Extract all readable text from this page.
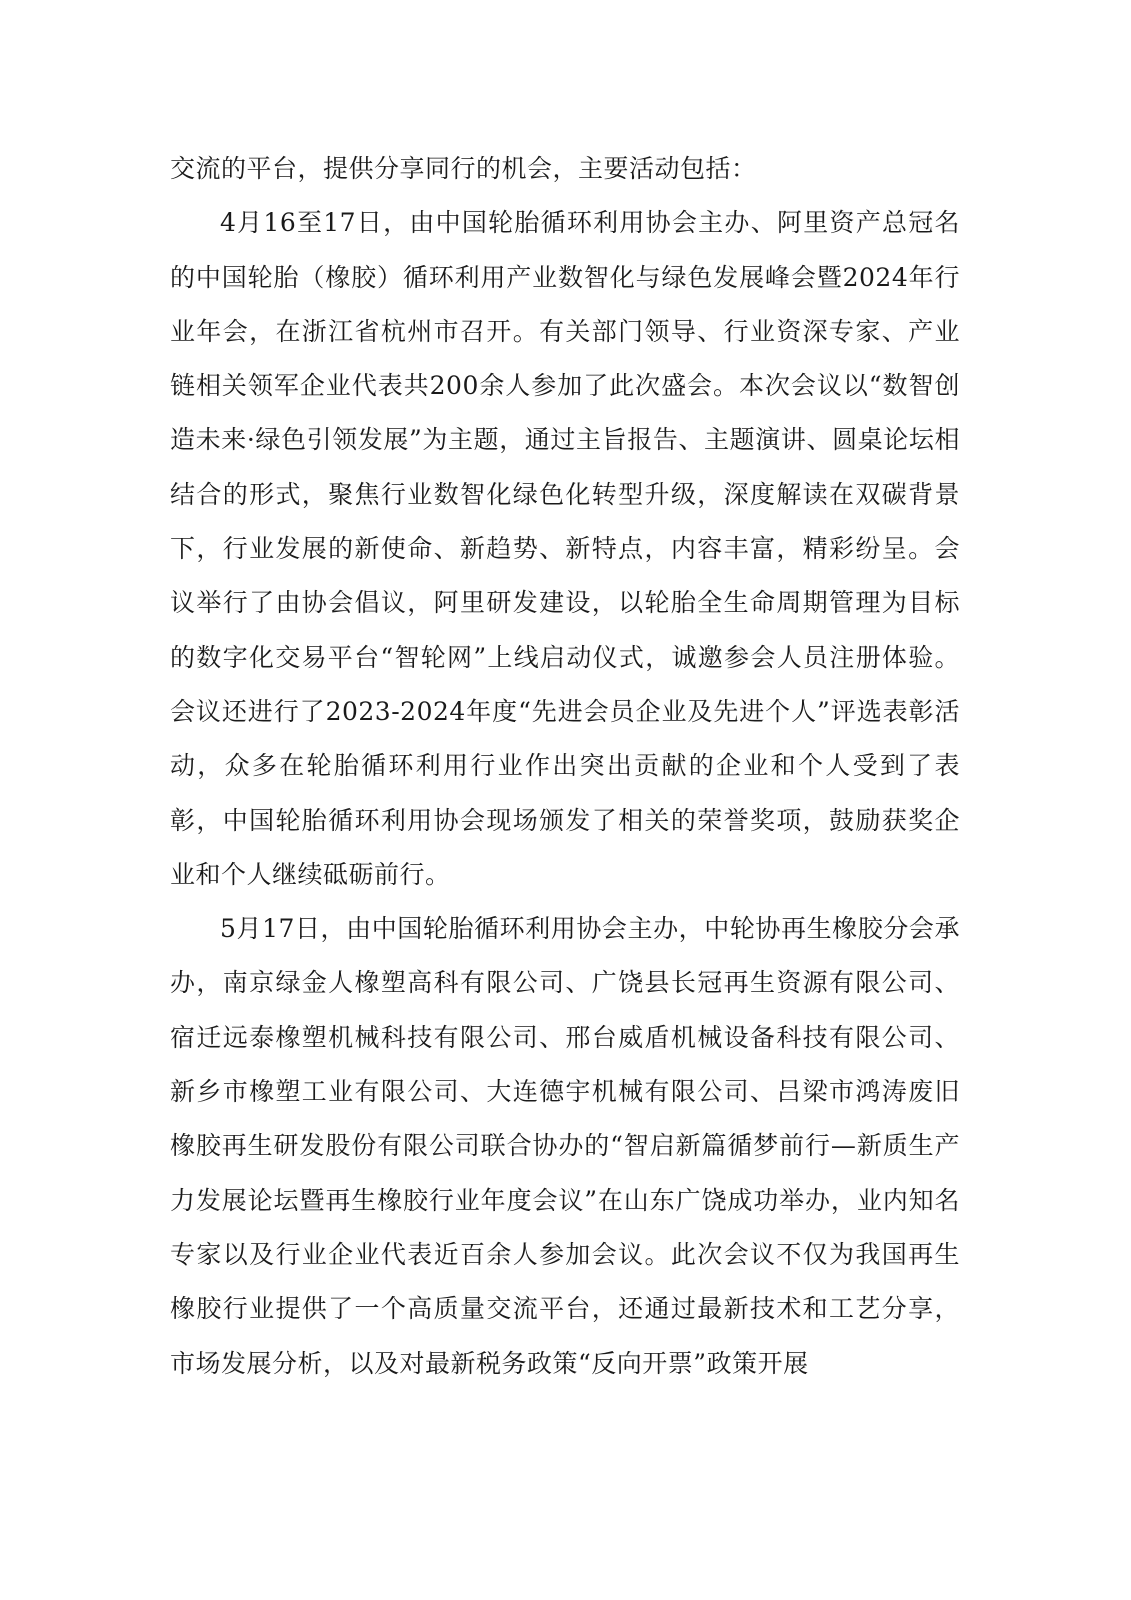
交流的平台，提供分享同行的机会，主要活动包括：

4月16至17日，由中国轮胎循环利用协会主办、阿里资产总冠名的中国轮胎（橡胶）循环利用产业数智化与绿色发展峰会暨2024年行业年会，在浙江省杭州市召开。有关部门领导、行业资深专家、产业链相关领军企业代表共200余人参加了此次盛会。本次会议以“数智创造未来·绿色引领发展”为主题，通过主旨报告、主题演讲、圆桌论坛相结合的形式，聚焦行业数智化绿色化转型升级，深度解读在双碳背景下，行业发展的新使命、新趋势、新特点，内容丰富，精彩纷呈。会议举行了由协会倡议，阿里研发建设，以轮胎全生命周期管理为目标的数字化交易平台“智轮网”上线启动仪式，诚邀参会人员注册体验。会议还进行了2023-2024年度“先进会员企业及先进个人”评选表彰活动，众多在轮胎循环利用行业作出突出贡献的企业和个人受到了表彰，中国轮胎循环利用协会现场颁发了相关的荣誉奖项，鼓励获奖企业和个人继续砥砺前行。

5月17日，由中国轮胎循环利用协会主办，中轮协再生橡胶分会承办，南京绿金人橡塑高科有限公司、广饶县长冠再生资源有限公司、宿迁远泰橡塑机械科技有限公司、邢台威盾机械设备科技有限公司、新乡市橡塑工业有限公司、大连德宇机械有限公司、吕梁市鸿涛废旧橡胶再生研发股份有限公司联合协办的“智启新篇循梦前行—新质生产力发展论坛暨再生橡胶行业年度会议”在山东广饶成功举办，业内知名专家以及行业企业代表近百余人参加会议。此次会议不仅为我国再生橡胶行业提供了一个高质量交流平台，还通过最新技术和工艺分享，市场发展分析，以及对最新税务政策“反向开票”政策开展
